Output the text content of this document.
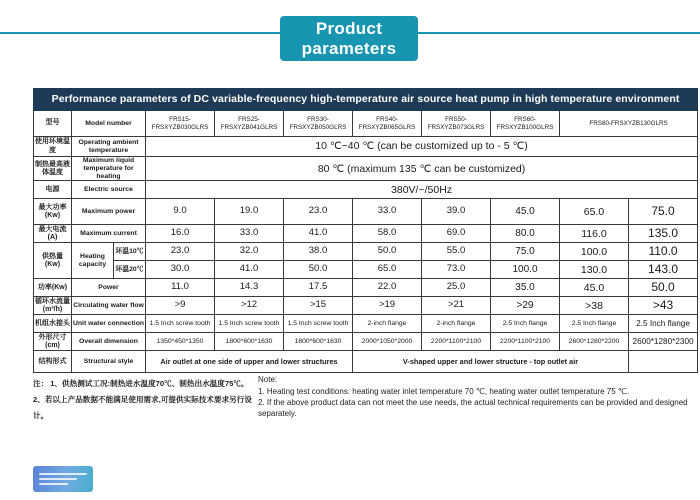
Product
parameters
Performance parameters of DC variable-frequency high-temperature air source heat pump in high temperature environment										
型号	Model number		FRS15-FRSXYZB030GLRS	FRS25-FRSXYZB041GLRS	FRS30-FRSXYZB050GLRS	FRS40-FRSXYZB065GLRS	FRS50-FRSXYZB073GLRS	FRS60-FRSXYZB100GLRS	FRS80-FRSXYZB130GLRS	
使用环境温度	Operating ambient temperature		10 ℃~40 ℃ (can be customized up to - 5 ℃)							
制热最高液体温度	Maximum liquid temperature for heating		80 ℃ (maximum 135 ℃ can be customized)							
电源	Electric source		380V/~/50Hz							
最大功率(Kw)	Maximum power		9.0	19.0	23.0	33.0	39.0	45.0	65.0	75.0
最大电流(A)	Maximum current		16.0	33.0	41.0	58.0	69.0	80.0	116.0	135.0
供热量(Kw)	Heating capacity	环温10℃	23.0	32.0	38.0	50.0	55.0	75.0	100.0	110.0
		环温20℃	30.0	41.0	50.0	65.0	73.0	100.0	130.0	143.0
功率(Kw)	Power		11.0	14.3	17.5	22.0	25.0	35.0	45.0	50.0
循环水流量(m³/h)	Circulating water flow		>9	>12	>15	>19	>21	>29	>38	>43
机组水接头	Unit water connection		1.5 Inch screw tooth	1.5 Inch screw tooth	1.5 Inch screw tooth	2-inch flange	2-inch flange	2.5 Inch flange	2.5 Inch flange	2.5 Inch flange
外形尺寸(cm)	Overall dimension		1350*450*1350	1800*600*1630	1800*600*1630	2000*1050*2000	2200*1100*2100	2200*1100*2100	2600*1280*2200	2600*1280*2300
结构形式	Structural style		Air outlet at one side of upper and lower structures			V-shaped upper and lower structure - top outlet air				
注： 1、供热测试工况:制热进水温度70℃、制热出水温度75℃。
2、若以上产品数据不能满足使用需求,可提供实际技术要求另行设计。
Note:
1. Heating test conditions: heating water inlet temperature 70 ℃, heating water outlet temperature 75 ℃.
2. If the above product data can not meet the use needs, the actual technical requirements can be provided and designed separately.
